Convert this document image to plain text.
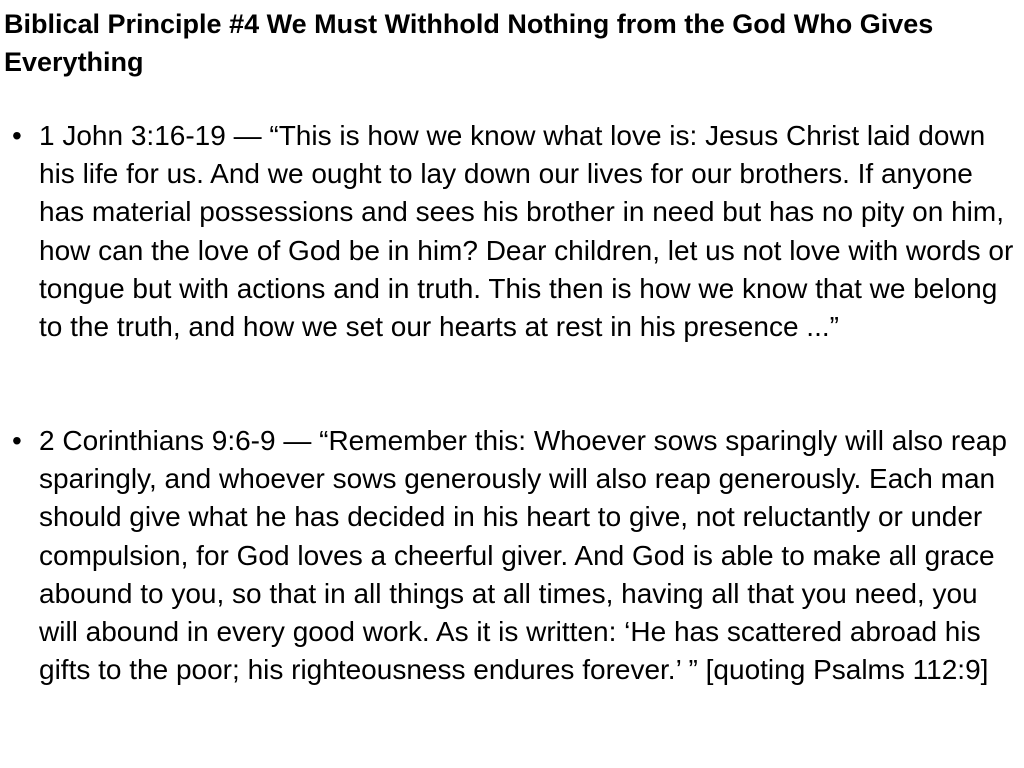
Biblical Principle #4 We Must Withhold Nothing from the God Who Gives Everything
• 1 John 3:16-19 — “This is how we know what love is: Jesus Christ laid down his life for us. And we ought to lay down our lives for our brothers. If anyone has material possessions and sees his brother in need but has no pity on him, how can the love of God be in him? Dear children, let us not love with words or tongue but with actions and in truth. This then is how we know that we belong to the truth, and how we set our hearts at rest in his presence ...”
• 2 Corinthians 9:6-9 — “Remember this: Whoever sows sparingly will also reap sparingly, and whoever sows generously will also reap generously. Each man should give what he has decided in his heart to give, not reluctantly or under compulsion, for God loves a cheerful giver. And God is able to make all grace abound to you, so that in all things at all times, having all that you need, you will abound in every good work. As it is written: ‘He has scattered abroad his gifts to the poor; his righteousness endures forever.’ ” [quoting Psalms 112:9]
